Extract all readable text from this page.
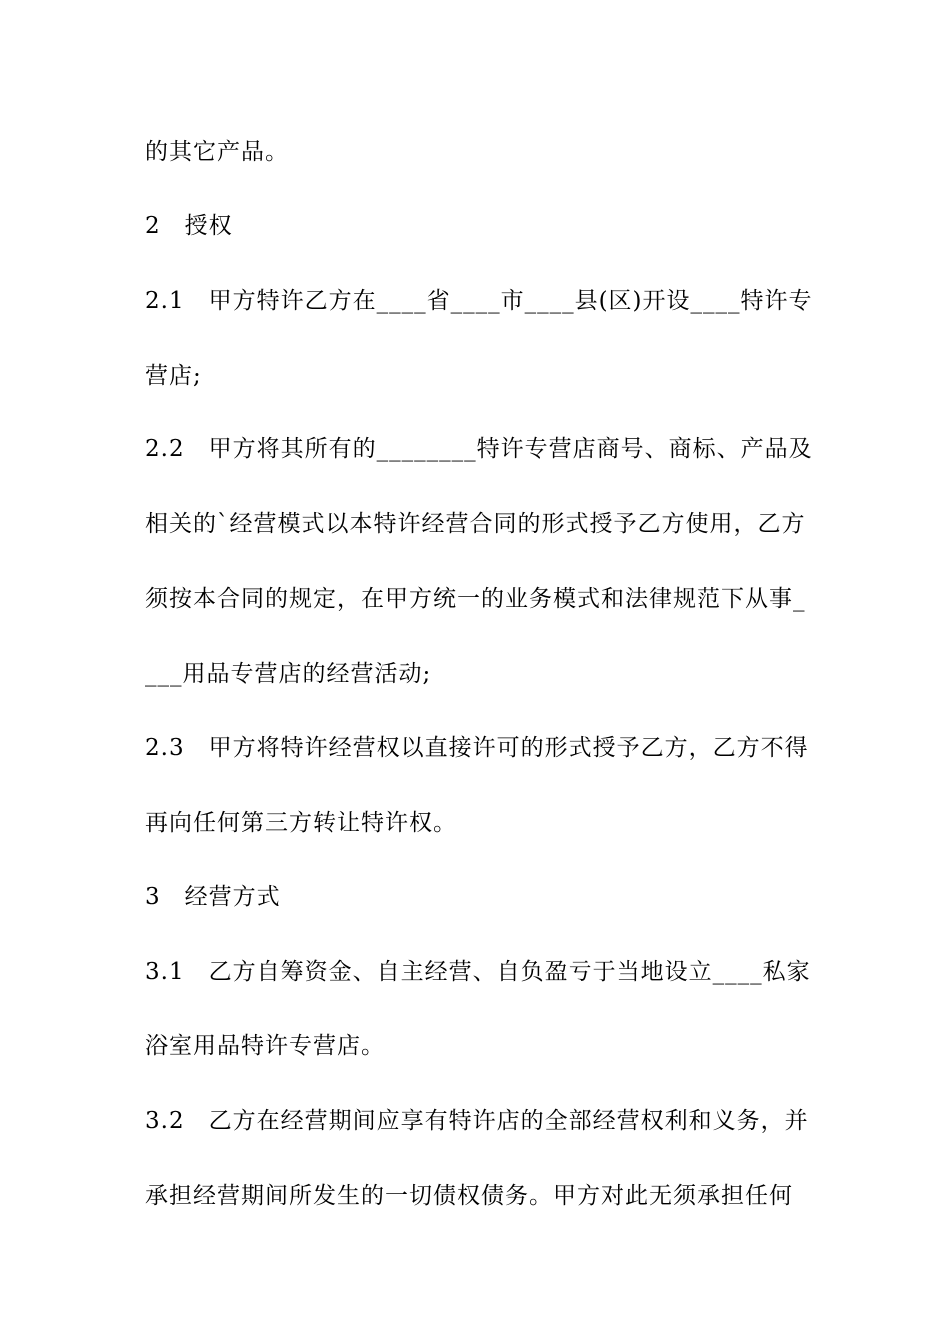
的其它产品。
2　授权
2.1　甲方特许乙方在____省____市____县(区)开设____特许专
营店;
2.2　甲方将其所有的________特许专营店商号、商标、产品及
相关的`经营模式以本特许经营合同的形式授予乙方使用，乙方
须按本合同的规定，在甲方统一的业务模式和法律规范下从事_
___用品专营店的经营活动;
2.3　甲方将特许经营权以直接许可的形式授予乙方，乙方不得
再向任何第三方转让特许权。
3　经营方式
3.1　乙方自筹资金、自主经营、自负盈亏于当地设立____私家
浴室用品特许专营店。
3.2　乙方在经营期间应享有特许店的全部经营权利和义务，并
承担经营期间所发生的一切债权债务。甲方对此无须承担任何
